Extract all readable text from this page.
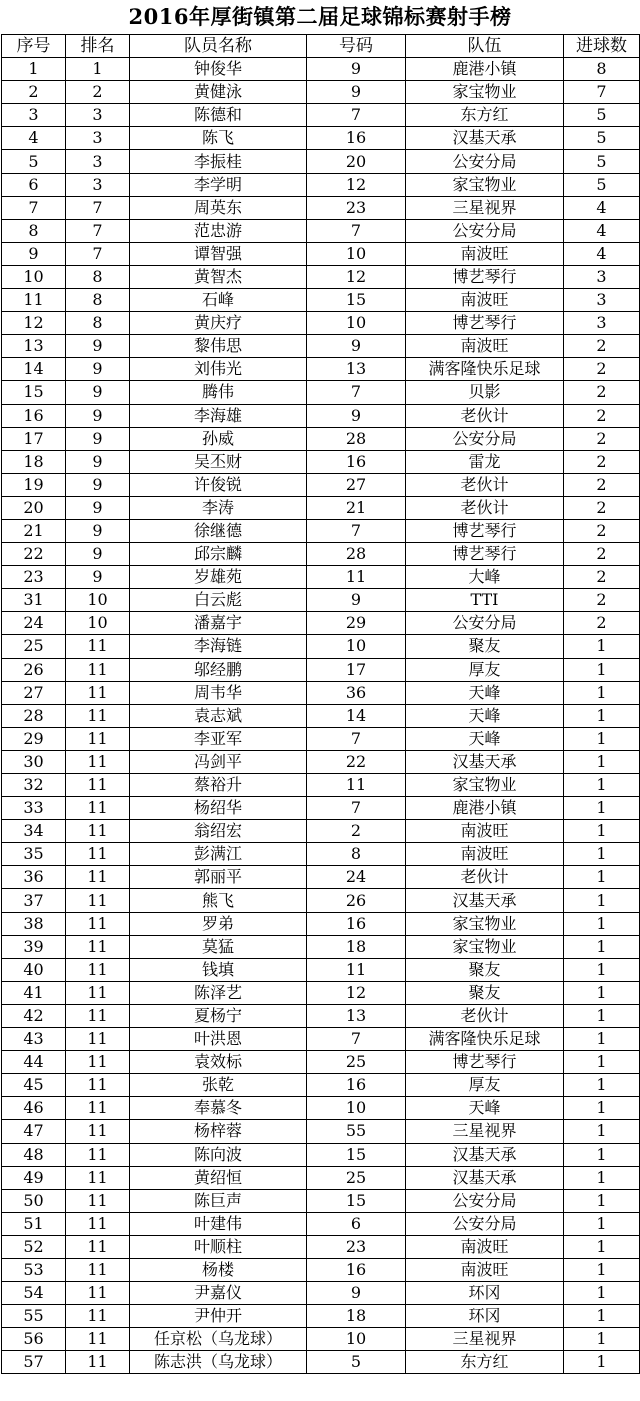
2016年厚街镇第二届足球锦标赛射手榜
序号	排名	队员名称	号码	队伍	进球数
1	1	钟俊华	9	鹿港小镇	8
2	2	黄健泳	9	家宝物业	7
3	3	陈德和	7	东方红	5
4	3	陈飞	16	汉基天承	5
5	3	李振桂	20	公安分局	5
6	3	李学明	12	家宝物业	5
7	7	周英东	23	三星视界	4
8	7	范忠游	7	公安分局	4
9	7	谭智强	10	南波旺	4
10	8	黄智杰	12	博艺琴行	3
11	8	石峰	15	南波旺	3
12	8	黄庆疗	10	博艺琴行	3
13	9	黎伟思	9	南波旺	2
14	9	刘伟光	13	满客隆快乐足球	2
15	9	腾伟	7	贝影	2
16	9	李海雄	9	老伙计	2
17	9	孙威	28	公安分局	2
18	9	吴丕财	16	雷龙	2
19	9	许俊锐	27	老伙计	2
20	9	李涛	21	老伙计	2
21	9	徐继德	7	博艺琴行	2
22	9	邱宗麟	28	博艺琴行	2
23	9	岁雄苑	11	大峰	2
31	10	白云彪	9	TTI	2
24	10	潘嘉宇	29	公安分局	2
25	11	李海链	10	聚友	1
26	11	邬经鹏	17	厚友	1
27	11	周韦华	36	天峰	1
28	11	袁志斌	14	天峰	1
29	11	李亚军	7	天峰	1
30	11	冯剑平	22	汉基天承	1
32	11	蔡裕升	11	家宝物业	1
33	11	杨绍华	7	鹿港小镇	1
34	11	翁绍宏	2	南波旺	1
35	11	彭满江	8	南波旺	1
36	11	郭丽平	24	老伙计	1
37	11	熊飞	26	汉基天承	1
38	11	罗弟	16	家宝物业	1
39	11	莫猛	18	家宝物业	1
40	11	钱填	11	聚友	1
41	11	陈泽艺	12	聚友	1
42	11	夏杨宁	13	老伙计	1
43	11	叶洪恩	7	满客隆快乐足球	1
44	11	袁效标	25	博艺琴行	1
45	11	张乾	16	厚友	1
46	11	奉慕冬	10	天峰	1
47	11	杨梓蓉	55	三星视界	1
48	11	陈向波	15	汉基天承	1
49	11	黄绍恒	25	汉基天承	1
50	11	陈巨声	15	公安分局	1
51	11	叶建伟	6	公安分局	1
52	11	叶顺柱	23	南波旺	1
53	11	杨楼	16	南波旺	1
54	11	尹嘉仪	9	环冈	1
55	11	尹仲开	18	环冈	1
56	11	任京松（乌龙球）	10	三星视界	1
57	11	陈志洪（乌龙球）	5	东方红	1
